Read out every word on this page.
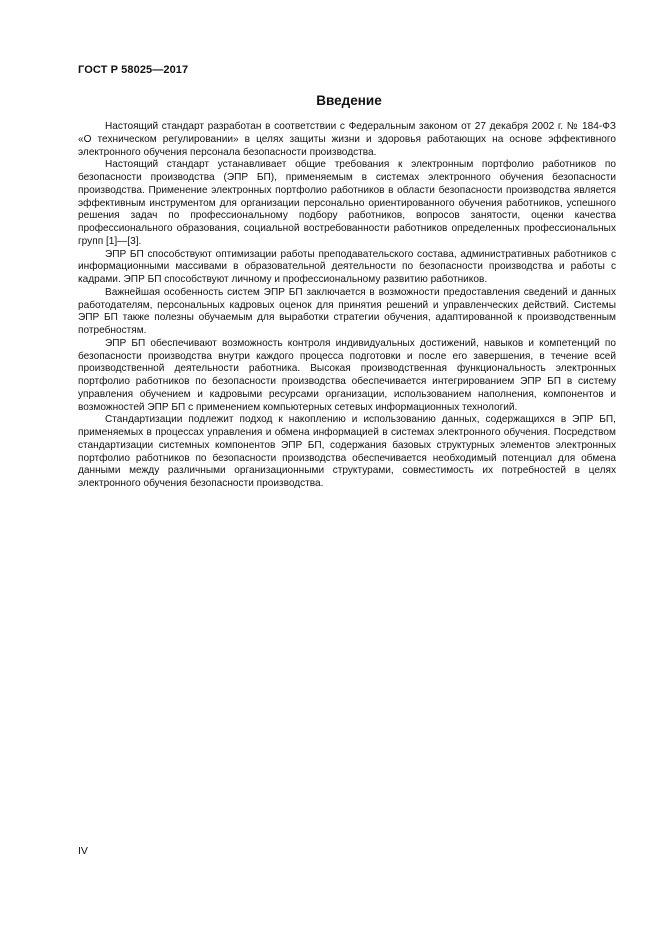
ГОСТ Р 58025—2017
Введение

Настоящий стандарт разработан в соответствии с Федеральным законом от 27 декабря 2002 г. № 184-ФЗ «О техническом регулировании» в целях защиты жизни и здоровья работающих на основе эффективного электронного обучения персонала безопасности производства.

Настоящий стандарт устанавливает общие требования к электронным портфолио работников по безопасности производства (ЭПР БП), применяемым в системах электронного обучения безопасности производства. Применение электронных портфолио работников в области безопасности производства является эффективным инструментом для организации персонально ориентированного обучения работников, успешного решения задач по профессиональному подбору работников, вопросов занятости, оценки качества профессионального образования, социальной востребованности работников определенных профессиональных групп [1]—[3].

ЭПР БП способствуют оптимизации работы преподавательского состава, административных работников с информационными массивами в образовательной деятельности по безопасности производства и работы с кадрами. ЭПР БП способствуют личному и профессиональному развитию работников.

Важнейшая особенность систем ЭПР БП заключается в возможности предоставления сведений и данных работодателям, персональных кадровых оценок для принятия решений и управленческих действий. Системы ЭПР БП также полезны обучаемым для выработки стратегии обучения, адаптированной к производственным потребностям.

ЭПР БП обеспечивают возможность контроля индивидуальных достижений, навыков и компетенций по безопасности производства внутри каждого процесса подготовки и после его завершения, в течение всей производственной деятельности работника. Высокая производственная функциональность электронных портфолио работников по безопасности производства обеспечивается интегрированием ЭПР БП в систему управления обучением и кадровыми ресурсами организации, использованием наполнения, компонентов и возможностей ЭПР БП с применением компьютерных сетевых информационных технологий.

Стандартизации подлежит подход к накоплению и использованию данных, содержащихся в ЭПР БП, применяемых в процессах управления и обмена информацией в системах электронного обучения. Посредством стандартизации системных компонентов ЭПР БП, содержания базовых структурных элементов электронных портфолио работников по безопасности производства обеспечивается необходимый потенциал для обмена данными между различными организационными структурами, совместимость их потребностей в целях электронного обучения безопасности производства.

IV
